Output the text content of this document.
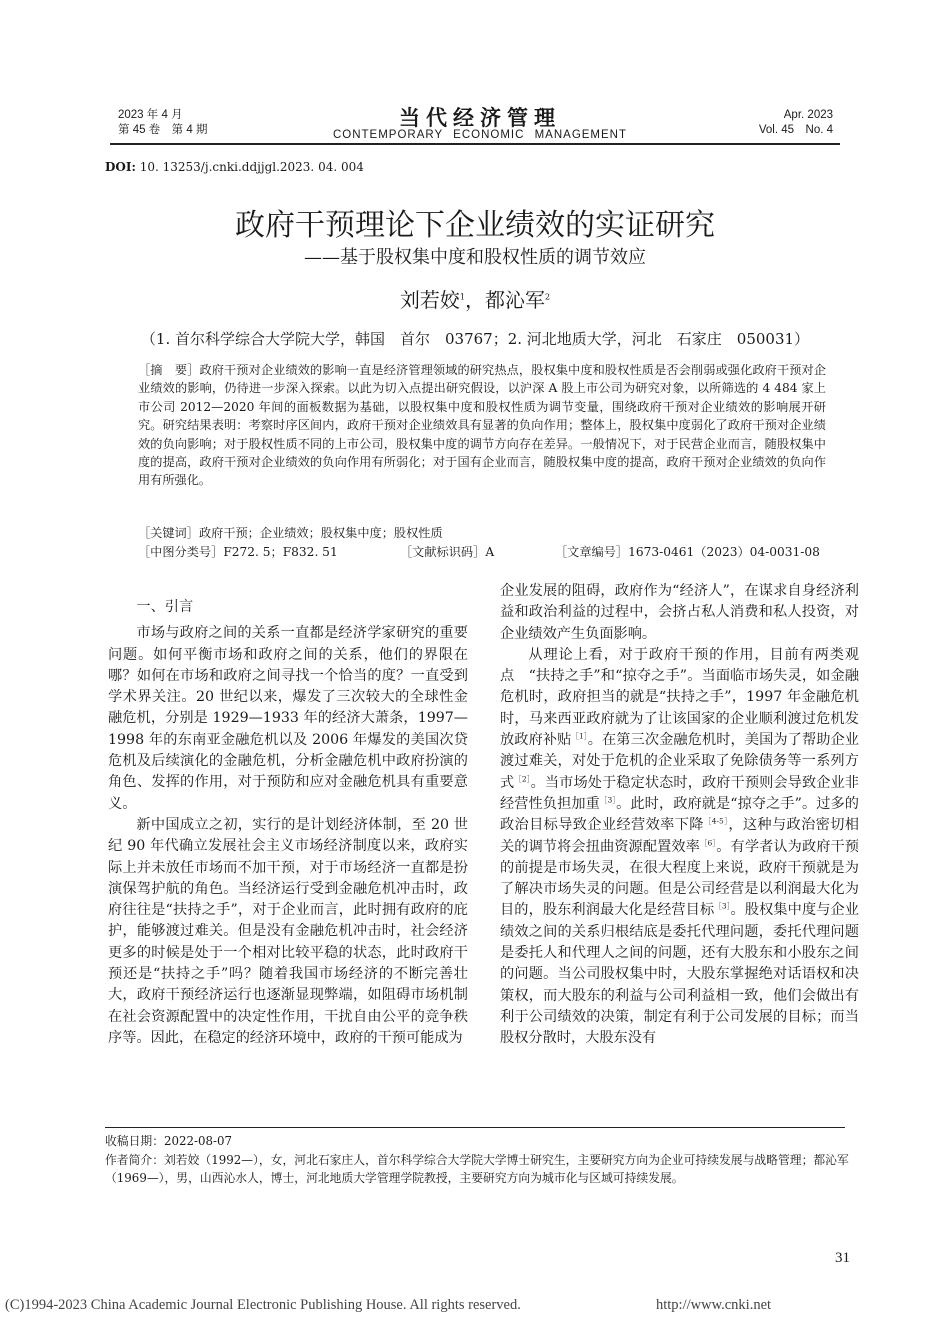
2023 年 4 月
第 45 卷　第 4 期	当代经济管理
CONTEMPORARY ECONOMIC MANAGEMENT
Apr. 2023
Vol. 45　No. 4
DOI: 10. 13253/j.cnki.ddjjgl.2023. 04. 004
政府干预理论下企业绩效的实证研究
——基于股权集中度和股权性质的调节效应
刘若姣$^1$，都沁军$^2$
（1. 首尔科学综合大学院大学，韩国　首尔　03767；2. 河北地质大学，河北　石家庄　050031）
［摘　要］政府干预对企业绩效的影响一直是经济管理领域的研究热点，股权集中度和股权性质是否会削弱或强化政府干预对企业绩效的影响，仍待进一步深入探索。以此为切入点提出研究假设，以沪深 A 股上市公司为研究对象，以所筛选的 4 484 家上市公司 2012—2020 年间的面板数据为基础，以股权集中度和股权性质为调节变量，围绕政府干预对企业绩效的影响展开研究。研究结果表明：考察时序区间内，政府干预对企业绩效具有显著的负向作用；整体上，股权集中度弱化了政府干预对企业绩效的负向影响；对于股权性质不同的上市公司，股权集中度的调节方向存在差异。一般情况下，对于民营企业而言，随股权集中度的提高，政府干预对企业绩效的负向作用有所弱化；对于国有企业而言，随股权集中度的提高，政府干预对企业绩效的负向作用有所强化。
［关键词］政府干预；企业绩效；股权集中度；股权性质
［中图分类号］F272. 5；F832. 51	［文献标识码］A	［文章编号］1673-0461（2023）04-0031-08

一、引言

市场与政府之间的关系一直都是经济学家研究的重要问题。如何平衡市场和政府之间的关系，他们的界限在哪？如何在市场和政府之间寻找一个恰当的度？一直受到学术界关注。20 世纪以来，爆发了三次较大的全球性金融危机，分别是 1929—1933 年的经济大萧条，1997—1998 年的东南亚金融危机以及 2006 年爆发的美国次贷危机及后续演化的金融危机，分析金融危机中政府扮演的角色、发挥的作用，对于预防和应对金融危机具有重要意义。

新中国成立之初，实行的是计划经济体制，至 20 世纪 90 年代确立发展社会主义市场经济制度以来，政府实际上并未放任市场而不加干预，对于市场经济一直都是扮演保驾护航的角色。当经济运行受到金融危机冲击时，政府往往是“扶持之手”，对于企业而言，此时拥有政府的庇护，能够渡过难关。但是没有金融危机冲击时，社会经济更多的时候是处于一个相对比较平稳的状态，此时政府干预还是“扶持之手”吗？随着我国市场经济的不断完善壮大，政府干预经济运行也逐渐显现弊端，如阻碍市场机制在社会资源配置中的决定性作用，干扰自由公平的竞争秩序等。因此，在稳定的经济环境中，政府的干预可能成为

企业发展的阻碍，政府作为“经济人”，在谋求自身经济利益和政治利益的过程中，会挤占私人消费和私人投资，对企业绩效产生负面影响。

从理论上看，对于政府干预的作用，目前有两类观点　“扶持之手”和“掠夺之手”。当面临市场失灵，如金融危机时，政府担当的就是“扶持之手”，1997 年金融危机时，马来西亚政府就为了让该国家的企业顺利渡过危机发放政府补贴$^{[1]}$。在第三次金融危机时，美国为了帮助企业渡过难关，对处于危机的企业采取了免除债务等一系列方式$^{[2]}$。当市场处于稳定状态时，政府干预则会导致企业非经营性负担加重$^{[3]}$。此时，政府就是“掠夺之手”。过多的政治目标导致企业经营效率下降$^{[4-5]}$，这种与政治密切相关的调节将会扭曲资源配置效率$^{[6]}$。有学者认为政府干预的前提是市场失灵，在很大程度上来说，政府干预就是为了解决市场失灵的问题。但是公司经营是以利润最大化为目的，股东利润最大化是经营目标$^{[3]}$。股权集中度与企业绩效之间的关系归根结底是委托代理问题，委托代理问题是委托人和代理人之间的问题，还有大股东和小股东之间的问题。当公司股权集中时，大股东掌握绝对话语权和决策权，而大股东的利益与公司利益相一致，他们会做出有利于公司绩效的决策，制定有利于公司发展的目标；而当股权分散时，大股东没有

收稿日期：2022-08-07
作者简介：刘若姣（1992—），女，河北石家庄人，首尔科学综合大学院大学博士研究生，主要研究方向为企业可持续发展与战略管理；都沁军（1969—），男，山西沁水人，博士，河北地质大学管理学院教授，主要研究方向为城市化与区域可持续发展。
31
(C)1994-2023 China Academic Journal Electronic Publishing House. All rights reserved.	http://www.cnki.net
